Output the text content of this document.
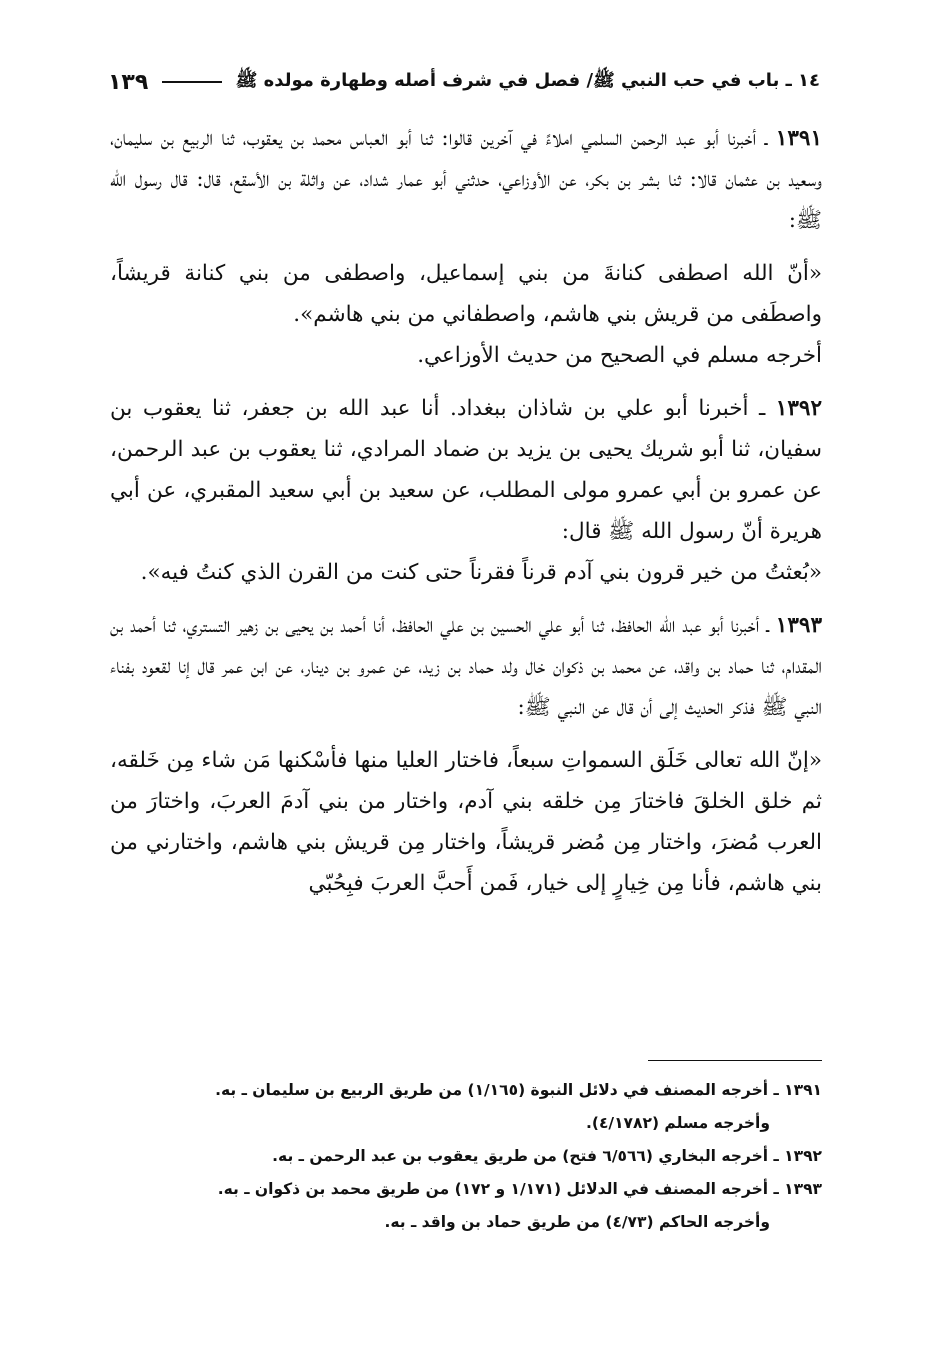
١٤ ـ باب في حب النبي ﷺ/ فصل في شرف أصله وطهارة مولده ﷺ
١٣٩

١٣٩١ ـ أخبرنا أبو عبد الرحمن السلمي املاءً في آخرين قالوا: ثنا أبو العباس محمد بن يعقوب، ثنا الربيع بن سليمان، وسعيد بن عثمان قالا: ثنا بشر بن بكر، عن الأوزاعي، حدثني أبو عمار شداد، عن واثلة بن الأسقع، قال: قال رسول الله ﷺ:

«أنّ الله اصطفى كنانةَ من بني إسماعيل، واصطفى من بني كنانة قريشاً، واصطَفى من قريش بني هاشم، واصطفاني من بني هاشم».

أخرجه مسلم في الصحيح من حديث الأوزاعي.

١٣٩٢ ـ أخبرنا أبو علي بن شاذان ببغداد. أنا عبد الله بن جعفر، ثنا يعقوب بن سفيان، ثنا أبو شريك يحيى بن يزيد بن ضماد المرادي، ثنا يعقوب بن عبد الرحمن، عن عمرو بن أبي عمرو مولى المطلب، عن سعيد بن أبي سعيد المقبري، عن أبي هريرة أنّ رسول الله ﷺ قال:

«بُعثتُ من خير قرون بني آدم قرناً فقرناً حتى كنت من القرن الذي كنتُ فيه».

١٣٩٣ ـ أخبرنا أبو عبد الله الحافظ، ثنا أبو علي الحسين بن علي الحافظ، أنا أحمد بن يحيى بن زهير التستري، ثنا أحمد بن المقدام، ثنا حماد بن واقد، عن محمد بن ذكوان خال ولد حماد بن زيد، عن عمرو بن دينار، عن ابن عمر قال إنا لقعود بفناء النبي ﷺ فذكر الحديث إلى أن قال عن النبي ﷺ:

«إنّ الله تعالى خَلَق السمواتِ سبعاً، فاختار العليا منها فأسْكنها مَن شاء مِن خَلقه، ثم خلق الخلقَ فاختارَ مِن خلقه بني آدم، واختار من بني آدمَ العربَ، واختارَ من العرب مُضرَ، واختار مِن مُضر قريشاً، واختار مِن قريش بني هاشم، واختارني من بني هاشم، فأنا مِن خِيارٍ إلى خيار، فَمن أَحبَّ العربَ فبِحُبّي

١٣٩١ ـ أخرجه المصنف في دلائل النبوة (١/١٦٥) من طريق الربيع بن سليمان ـ به.

وأخرجه مسلم (٤/١٧٨٢).

١٣٩٢ ـ أخرجه البخاري (٦/٥٦٦ فتح) من طريق يعقوب بن عبد الرحمن ـ به.

١٣٩٣ ـ أخرجه المصنف في الدلائل (١/١٧١ و ١٧٢) من طريق محمد بن ذكوان ـ به.

وأخرجه الحاكم (٤/٧٣) من طريق حماد بن واقد ـ به.
